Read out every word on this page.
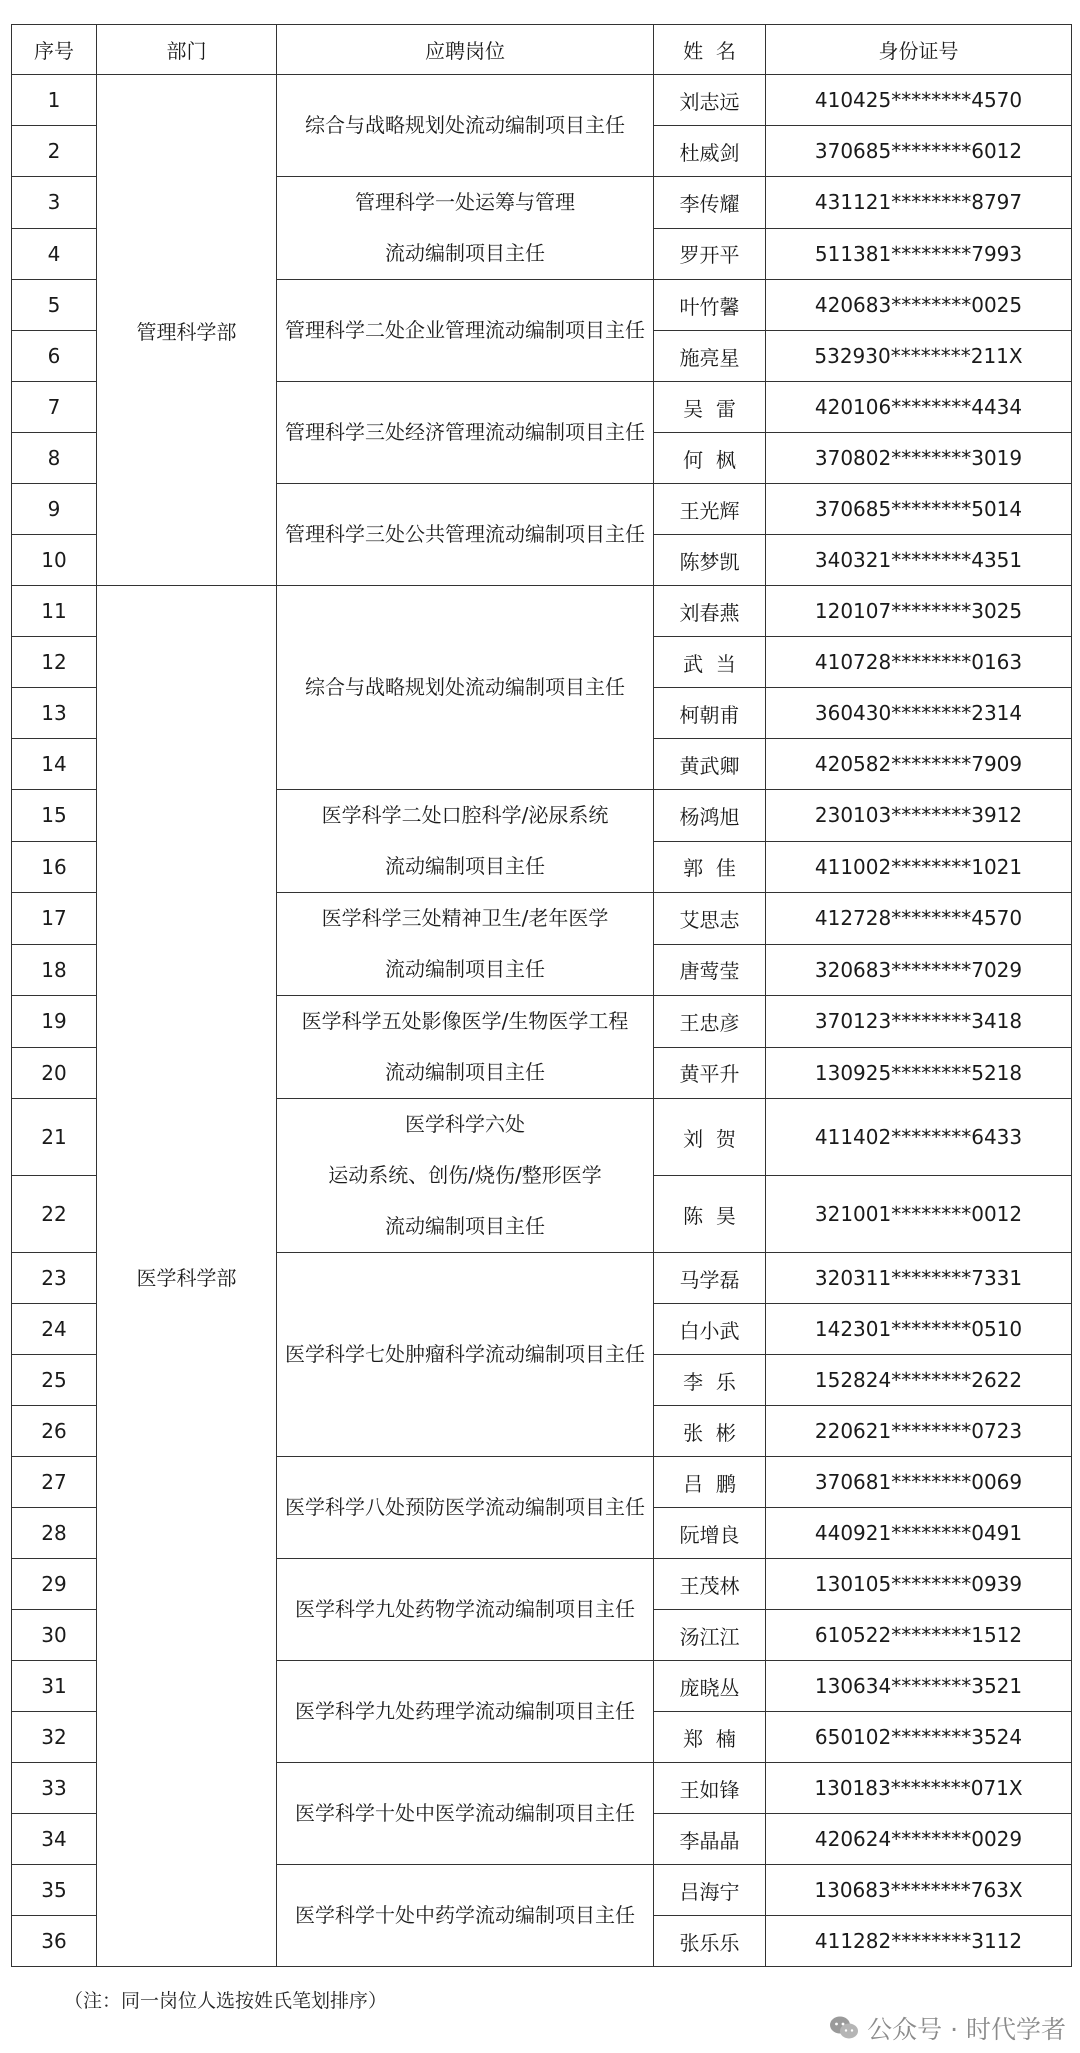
序号	部门	应聘岗位	姓  名	身份证号
1	管理科学部	综合与战略规划处流动编制项目主任	刘志远	410425********4570
2			杜威剑	370685********6012
3		管理科学一处运筹与管理
流动编制项目主任	李传耀	431121********8797
4			罗开平	511381********7993
5		管理科学二处企业管理流动编制项目主任	叶竹馨	420683********0025
6			施亮星	532930********211X
7		管理科学三处经济管理流动编制项目主任	吴  雷	420106********4434
8			何  枫	370802********3019
9		管理科学三处公共管理流动编制项目主任	王光辉	370685********5014
10			陈梦凯	340321********4351
11	医学科学部	综合与战略规划处流动编制项目主任	刘春燕	120107********3025
12			武  当	410728********0163
13			柯朝甫	360430********2314
14			黄武卿	420582********7909
15		医学科学二处口腔科学/泌尿系统
流动编制项目主任	杨鸿旭	230103********3912
16			郭  佳	411002********1021
17		医学科学三处精神卫生/老年医学
流动编制项目主任	艾思志	412728********4570
18			唐莺莹	320683********7029
19		医学科学五处影像医学/生物医学工程
流动编制项目主任	王忠彦	370123********3418
20			黄平升	130925********5218
21		医学科学六处
运动系统、创伤/烧伤/整形医学
流动编制项目主任	刘  贺	411402********6433
22			陈  昊	321001********0012
23		医学科学七处肿瘤科学流动编制项目主任	马学磊	320311********7331
24			白小武	142301********0510
25			李  乐	152824********2622
26			张  彬	220621********0723
27		医学科学八处预防医学流动编制项目主任	吕  鹏	370681********0069
28			阮增良	440921********0491
29		医学科学九处药物学流动编制项目主任	王茂林	130105********0939
30			汤江江	610522********1512
31		医学科学九处药理学流动编制项目主任	庞晓丛	130634********3521
32			郑  楠	650102********3524
33		医学科学十处中医学流动编制项目主任	王如锋	130183********071X
34			李晶晶	420624********0029
35		医学科学十处中药学流动编制项目主任	吕海宁	130683********763X
36			张乐乐	411282********3112
（注：同一岗位人选按姓氏笔划排序）
公众号 · 时代学者
